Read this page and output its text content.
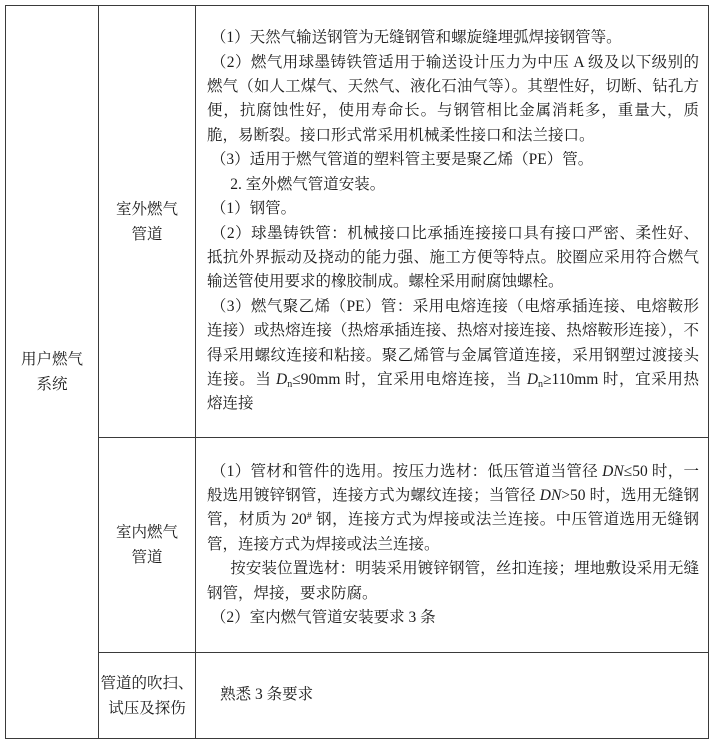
用户燃气
系统
室外燃气
管道

（1）天然气输送钢管为无缝钢管和螺旋缝埋弧焊接钢管等。

（2）燃气用球墨铸铁管适用于输送设计压力为中压 A 级及以下级别的燃气（如人工煤气、天然气、液化石油气等）。其塑性好，切断、钻孔方便，抗腐蚀性好，使用寿命长。与钢管相比金属消耗多，重量大，质脆，易断裂。接口形式常采用机械柔性接口和法兰接口。

（3）适用于燃气管道的塑料管主要是聚乙烯（PE）管。

2. 室外燃气管道安装。

（1）钢管。

（2）球墨铸铁管：机械接口比承插连接接口具有接口严密、柔性好、抵抗外界振动及挠动的能力强、施工方便等特点。胶圈应采用符合燃气输送管使用要求的橡胶制成。螺栓采用耐腐蚀螺栓。

（3）燃气聚乙烯（PE）管：采用电熔连接（电熔承插连接、电熔鞍形连接）或热熔连接（热熔承插连接、热熔对接连接、热熔鞍形连接），不得采用螺纹连接和粘接。聚乙烯管与金属管道连接，采用钢塑过渡接头连接。当 $D_n\le 90mm$ 时，宜采用电熔连接，当 $D_n\ge 110mm$ 时，宜采用热熔连接

室内燃气
管道

（1）管材和管件的选用。按压力选材：低压管道当管径 DN≤50 时，一般选用镀锌钢管，连接方式为螺纹连接；当管径 DN>50 时，选用无缝钢管，材质为 20# 钢，连接方式为焊接或法兰连接。中压管道选用无缝钢管，连接方式为焊接或法兰连接。

按安装位置选材：明装采用镀锌钢管，丝扣连接；埋地敷设采用无缝钢管，焊接，要求防腐。

（2）室内燃气管道安装要求 3 条

管道的吹扫、
试压及探伤

熟悉 3 条要求
